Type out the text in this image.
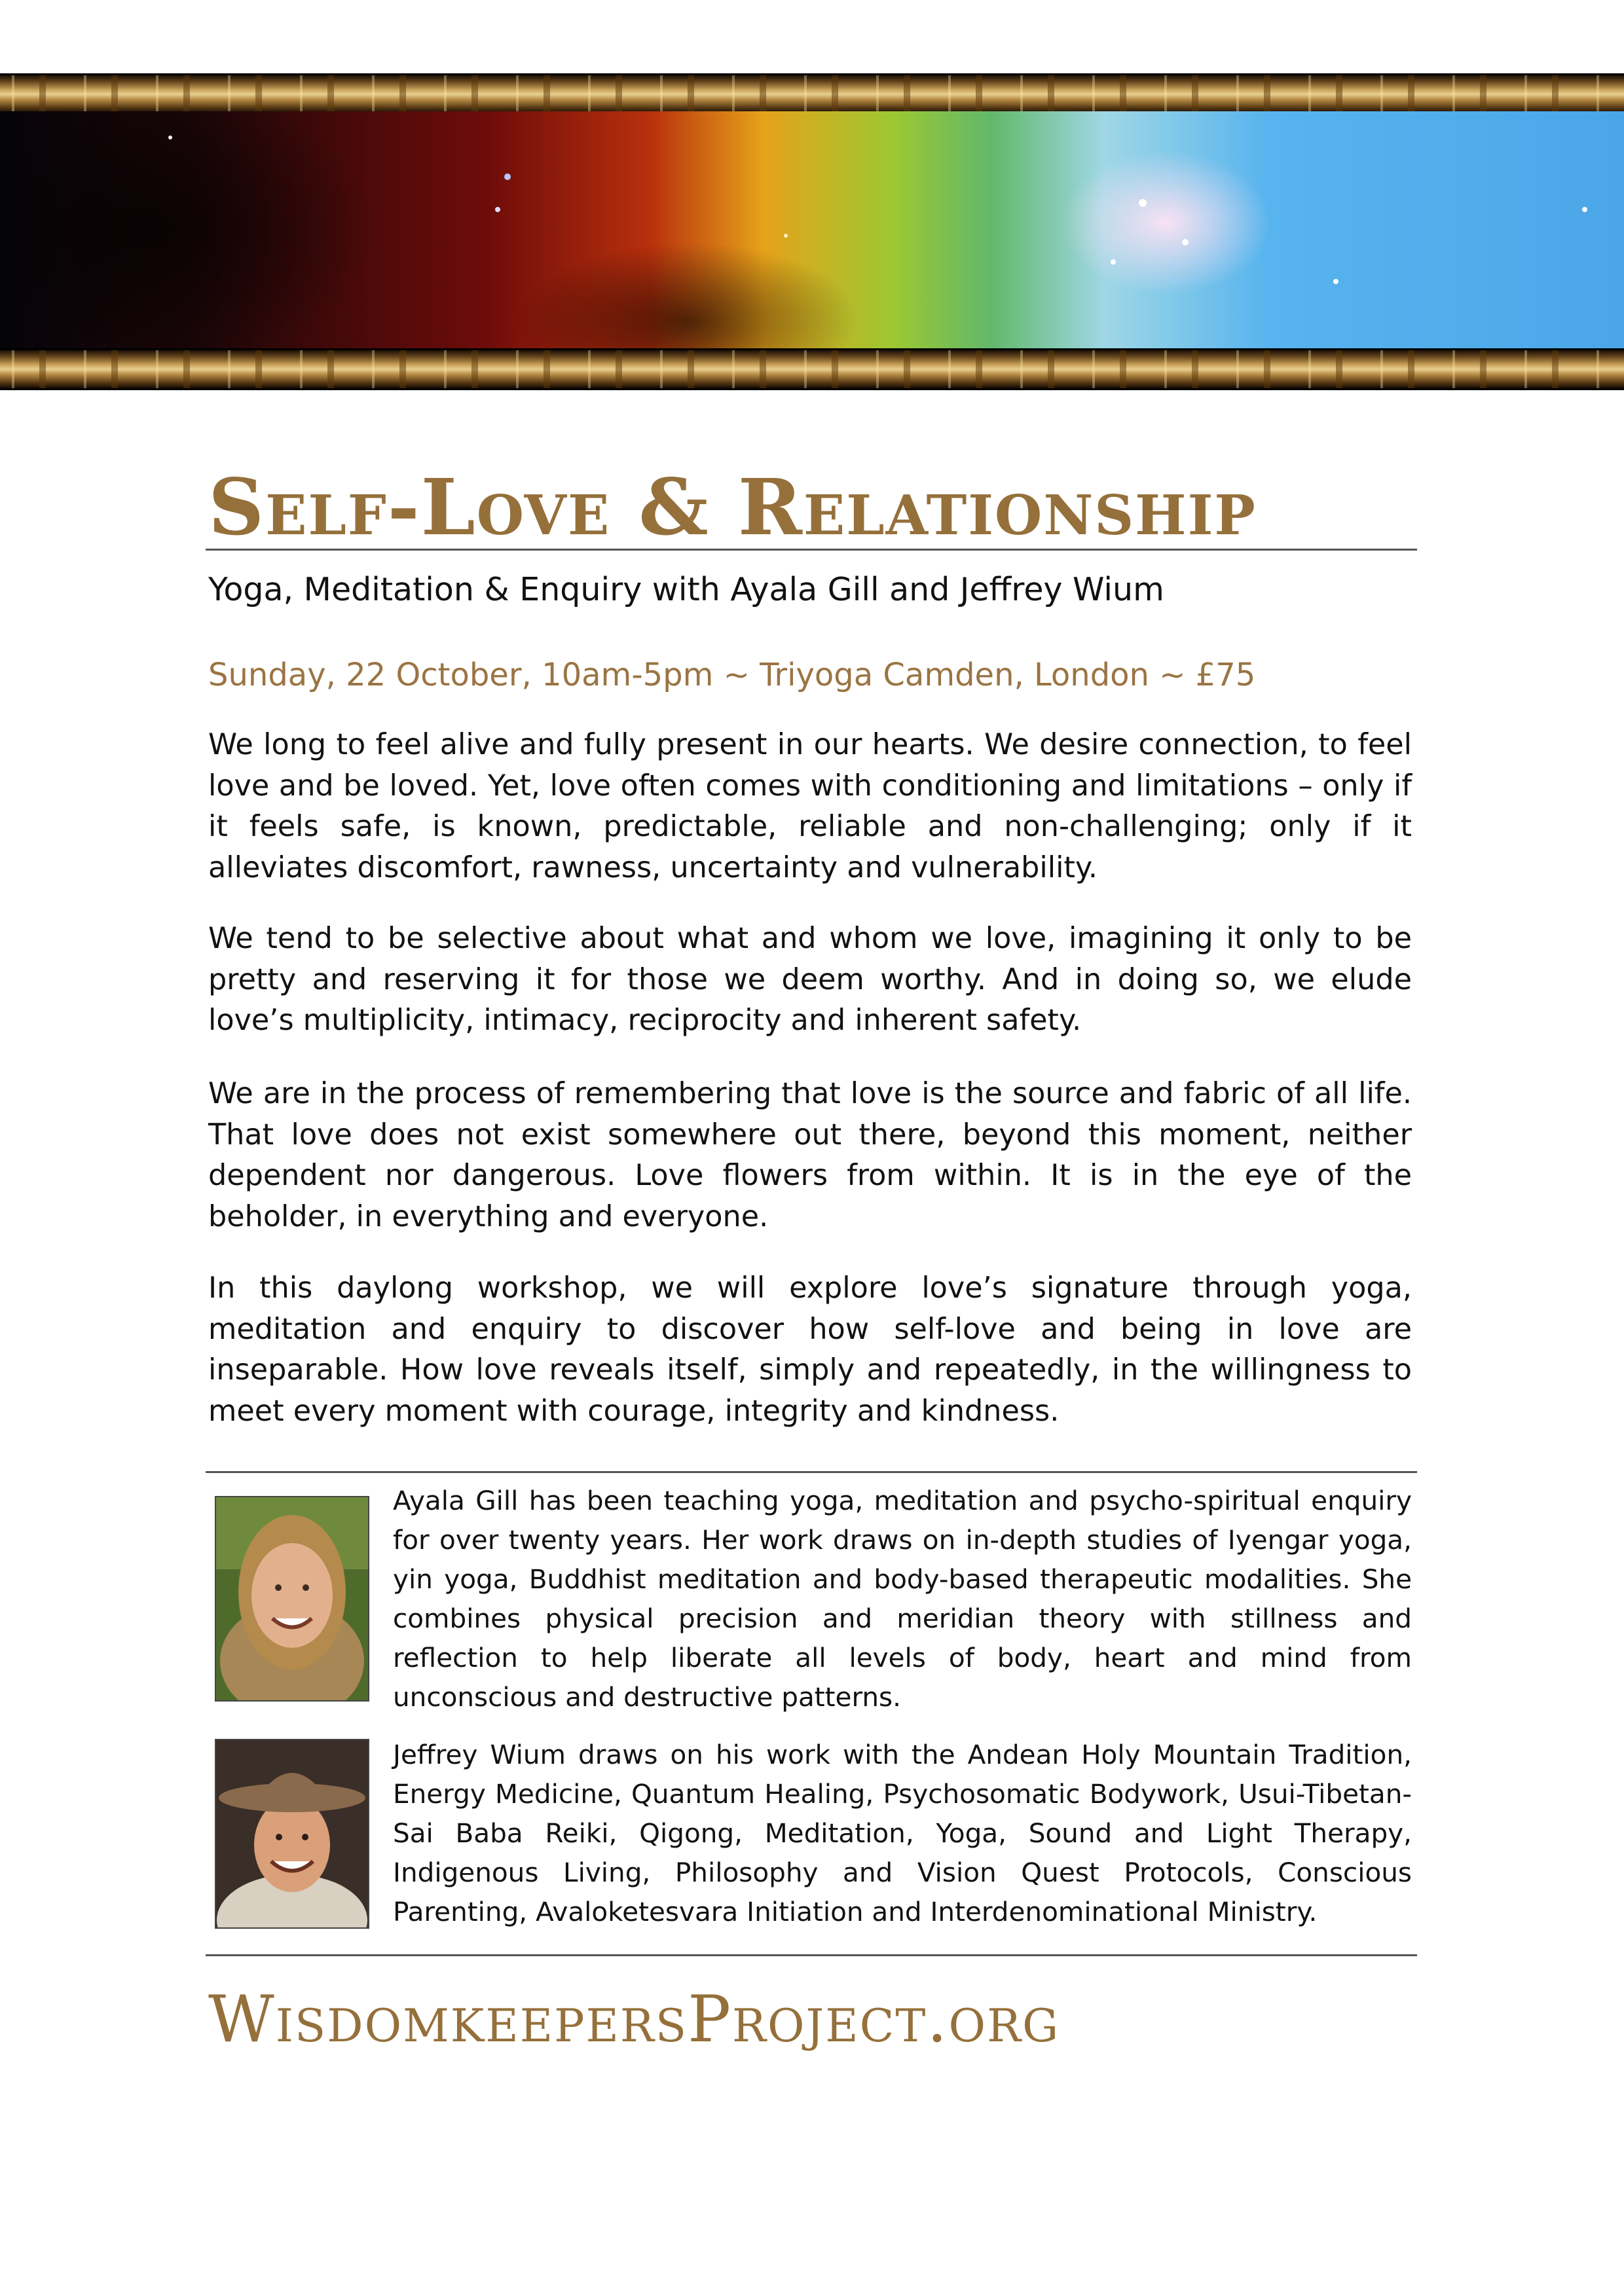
Self-Love & Relationship

Yoga, Meditation & Enquiry with Ayala Gill and Jeffrey Wium

Sunday, 22 October, 10am-5pm ~ Triyoga Camden, London ~ £75

We long to feel alive and fully present in our hearts. We desire connection, to feel love and be loved. Yet, love often comes with conditioning and limitations – only if it feels safe, is known, predictable, reliable and non-challenging; only if it alleviates discomfort, rawness, uncertainty and vulnerability.

We tend to be selective about what and whom we love, imagining it only to be pretty and reserving it for those we deem worthy. And in doing so, we elude love’s multiplicity, intimacy, reciprocity and inherent safety.

We are in the process of remembering that love is the source and fabric of all life. That love does not exist somewhere out there, beyond this moment, neither dependent nor dangerous. Love flowers from within. It is in the eye of the beholder, in everything and everyone.

In this daylong workshop, we will explore love’s signature through yoga, meditation and enquiry to discover how self-love and being in love are inseparable. How love reveals itself, simply and repeatedly, in the willingness to meet every moment with courage, integrity and kindness.

Ayala Gill has been teaching yoga, meditation and psycho-spiritual enquiry for over twenty years. Her work draws on in-depth studies of Iyengar yoga, yin yoga, Buddhist meditation and body-based therapeutic modalities. She combines physical precision and meridian theory with stillness and reflection to help liberate all levels of body, heart and mind from unconscious and destructive patterns.

Jeffrey Wium draws on his work with the Andean Holy Mountain Tradition, Energy Medicine, Quantum Healing, Psychosomatic Bodywork, Usui-Tibetan-Sai Baba Reiki, Qigong, Meditation, Yoga, Sound and Light Therapy, Indigenous Living, Philosophy and Vision Quest Protocols, Conscious Parenting, Avaloketesvara Initiation and Interdenominational Ministry.

WisdomkeepersProject.org
